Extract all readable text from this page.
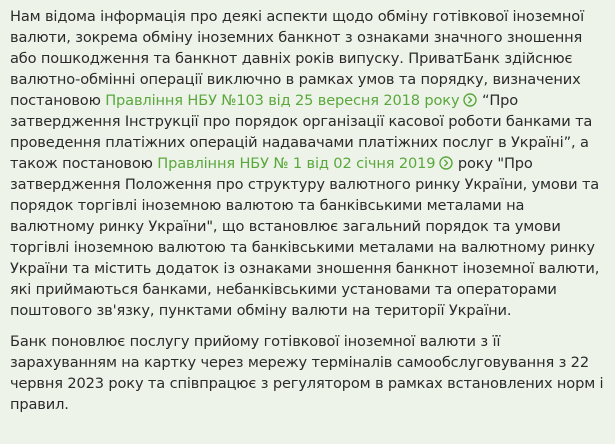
Нам відома інформація про деякі аспекти щодо обміну готівкової іноземної валюти, зокрема обміну іноземних банкнот з ознаками значного зношення або пошкодження та банкнот давніх років випуску. ПриватБанк здійснює валютно-обмінні операції виключно в рамках умов та порядку, визначених постановою Правління НБУ №103 від 25 вересня 2018 року “Про затвердження Інструкції про порядок організації касової роботи банками та проведення платіжних операцій надавачами платіжних послуг в Україні”, а також постановою Правління НБУ № 1 від 02 січня 2019 року "Про затвердження Положення про структуру валютного ринку України, умови та порядок торгівлі іноземною валютою та банківськими металами на валютному ринку України", що встановлює загальний порядок та умови торгівлі іноземною валютою та банківськими металами на валютному ринку України та містить додаток із ознаками зношення банкнот іноземної валюти, які приймаються банками, небанківськими установами та операторами поштового зв'язку, пунктами обміну валюти на території України.

Банк поновлює послугу прийому готівкової іноземної валюти з її зарахуванням на картку через мережу терміналів самообслуговування з 22 червня 2023 року та співпрацює з регулятором в рамках встановлених норм і правил.
